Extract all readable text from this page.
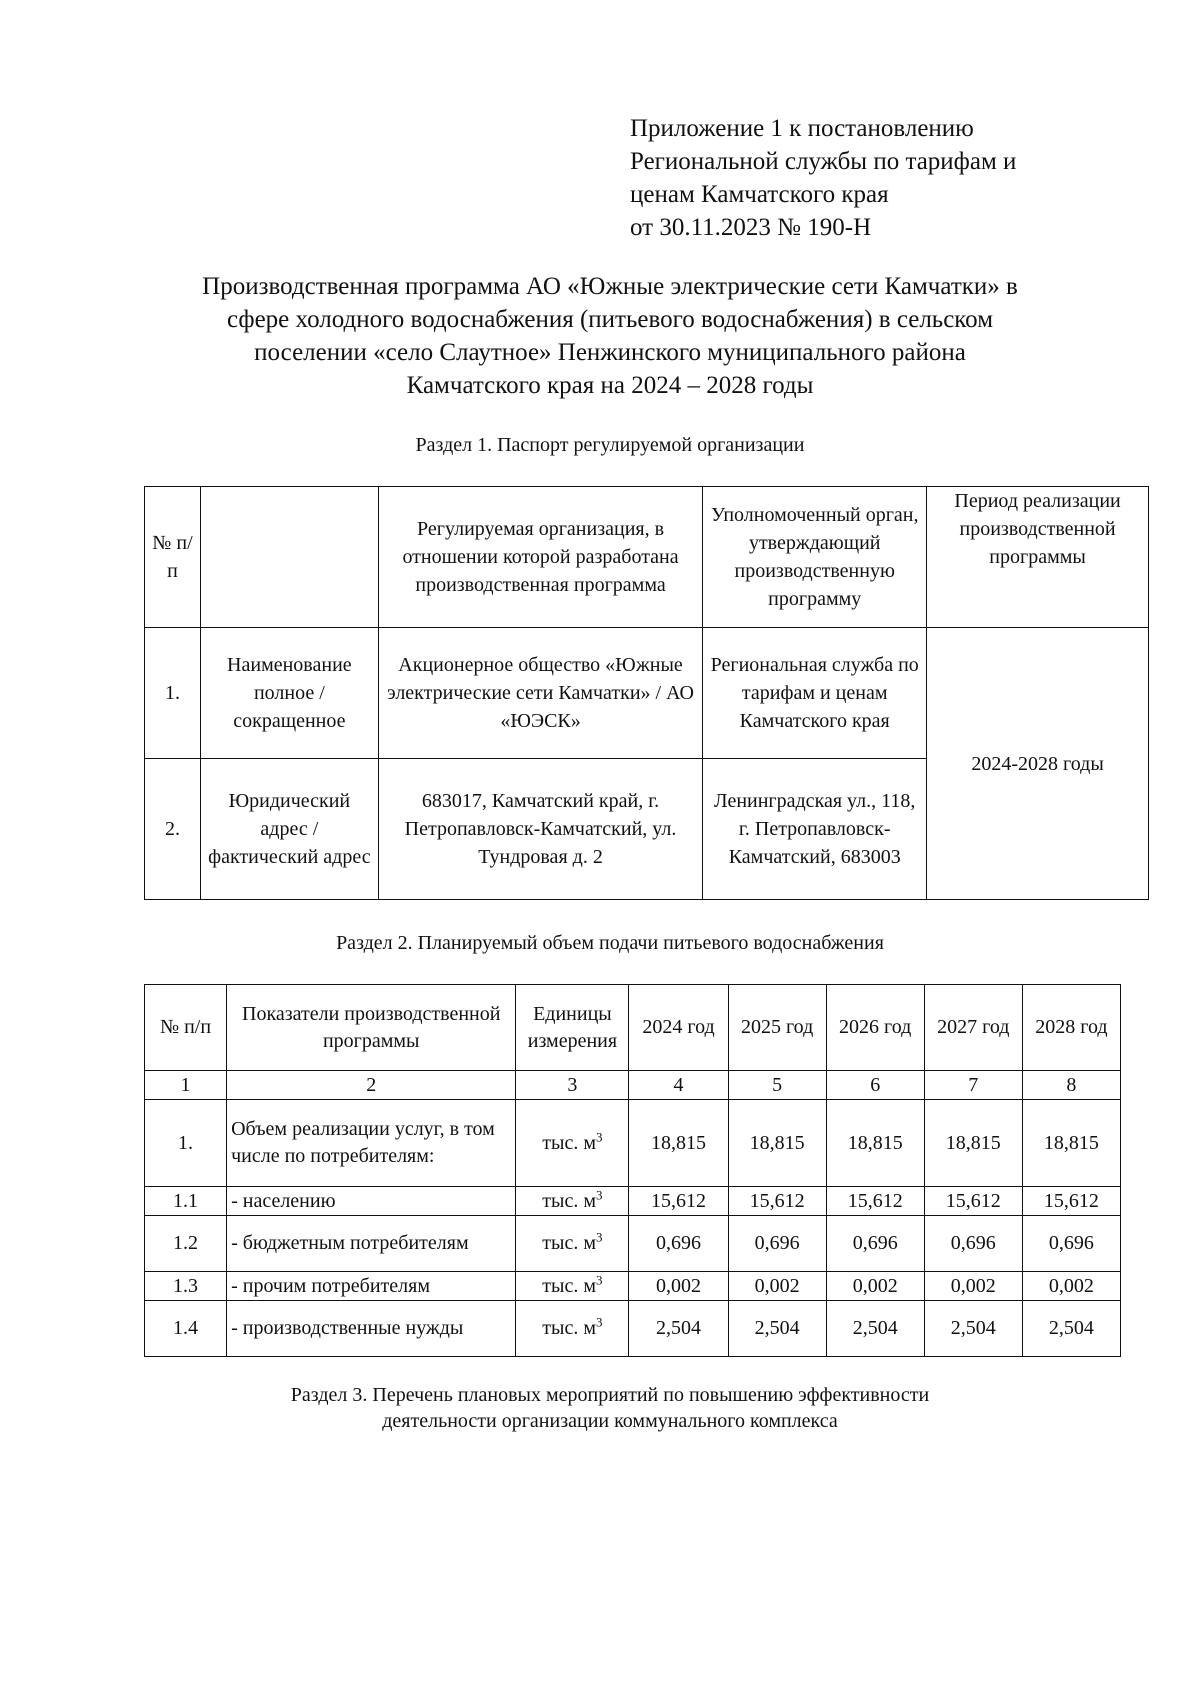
Приложение 1 к постановлению
Региональной службы по тарифам и
ценам Камчатского края
от 30.11.2023 № 190-Н
Производственная программа АО «Южные электрические сети Камчатки» в
сфере холодного водоснабжения (питьевого водоснабжения) в сельском
поселении «село Слаутное» Пенжинского муниципального района
Камчатского края на 2024 – 2028 годы
Раздел 1. Паспорт регулируемой организации
№ п/п		Регулируемая организация, в отношении которой разработана производственная программа	Уполномоченный орган, утверждающий производственную программу	Период реализации производственной программы
1.	Наименование полное / сокращенное	Акционерное общество «Южные электрические сети Камчатки» / АО «ЮЭСК»	Региональная служба по тарифам и ценам Камчатского края	2024-2028 годы
2.	Юридический адрес / фактический адрес	683017, Камчатский край, г. Петропавловск-Камчатский, ул. Тундровая д. 2	Ленинградская ул., 118, г. Петропавловск-Камчатский, 683003	
Раздел 2. Планируемый объем подачи питьевого водоснабжения
№ п/п	Показатели производственной программы	Единицы измерения	2024 год	2025 год	2026 год	2027 год	2028 год
1	2	3	4	5	6	7	8
1.	Объем реализации услуг, в том числе по потребителям:	тыс. $м^3$	18,815	18,815	18,815	18,815	18,815
1.1	- населению	тыс. $м^3$	15,612	15,612	15,612	15,612	15,612
1.2	- бюджетным потребителям	тыс. $м^3$	0,696	0,696	0,696	0,696	0,696
1.3	- прочим потребителям	тыс. $м^3$	0,002	0,002	0,002	0,002	0,002
1.4	- производственные нужды	тыс. $м^3$	2,504	2,504	2,504	2,504	2,504
Раздел 3. Перечень плановых мероприятий по повышению эффективности
деятельности организации коммунального комплекса
